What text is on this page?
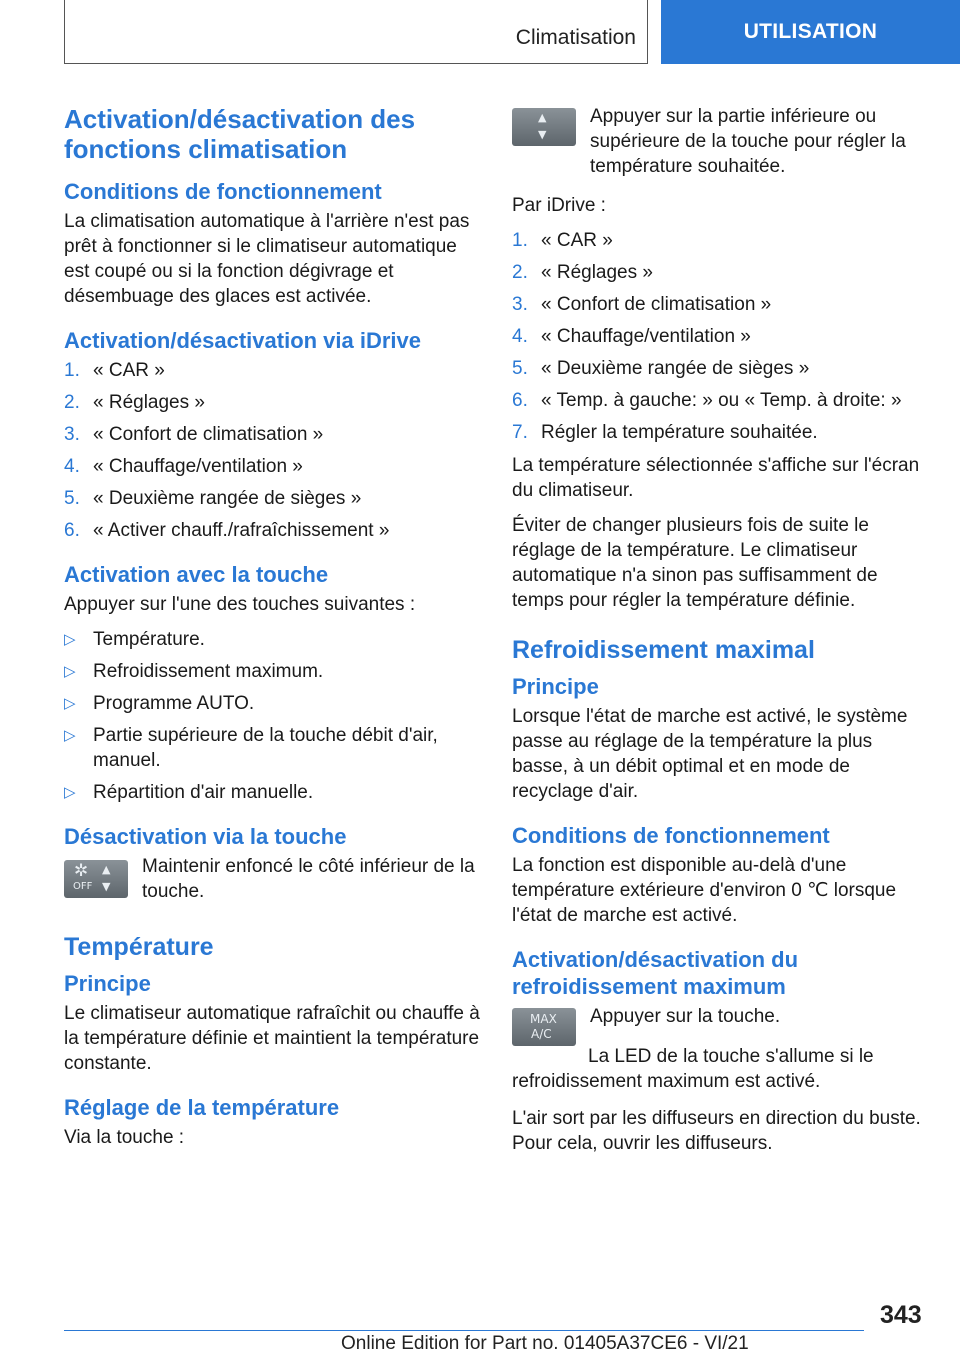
Climatisation	UTILISATION
Activation/désactivation des fonctions climatisation
Conditions de fonctionnement

La climatisation automatique à l'arrière n'est pas prêt à fonctionner si le climatiseur automatique est coupé ou si la fonction dégivrage et désembuage des glaces est activée.

Activation/désactivation via iDrive
1. « CAR »
2. « Réglages »
3. « Confort de climatisation »
4. « Chauffage/ventilation »
5. « Deuxième rangée de sièges »
6. « Activer chauff./rafraîchissement »
Activation avec la touche

Appuyer sur l'une des touches suivantes :

▷ Température.
▷ Refroidissement maximum.
▷ Programme AUTO.
▷ Partie supérieure de la touche débit d'air, manuel.
▷ Répartition d'air manuelle.
Désactivation via la touche
✲
OFF
▲
▼

Maintenir enfoncé le côté inférieur de la touche.

Température
Principe

Le climatiseur automatique rafraîchit ou chauffe à la température définie et maintient la température constante.

Réglage de la température

Via la touche :

▲
▼

Appuyer sur la partie inférieure ou supérieure de la touche pour régler la température souhaitée.

Par iDrive :

1. « CAR »
2. « Réglages »
3. « Confort de climatisation »
4. « Chauffage/ventilation »
5. « Deuxième rangée de sièges »
6. « Temp. à gauche: » ou « Temp. à droite: »
7. Régler la température souhaitée.

La température sélectionnée s'affiche sur l'écran du climatiseur.

Éviter de changer plusieurs fois de suite le réglage de la température. Le climatiseur automatique n'a sinon pas suffisamment de temps pour régler la température définie.

Refroidissement maximal
Principe

Lorsque l'état de marche est activé, le système passe au réglage de la température la plus basse, à un débit optimal et en mode de recyclage d'air.

Conditions de fonctionnement

La fonction est disponible au-delà d'une température extérieure d'environ 0 ℃ lorsque l'état de marche est activé.

Activation/désactivation du refroidissement maximum
MAX
A/C

Appuyer sur la touche.

La LED de la touche s'allume si le refroidissement maximum est activé.

L'air sort par les diffuseurs en direction du buste. Pour cela, ouvrir les diffuseurs.

343
Online Edition for Part no. 01405A37CE6 - VI/21
